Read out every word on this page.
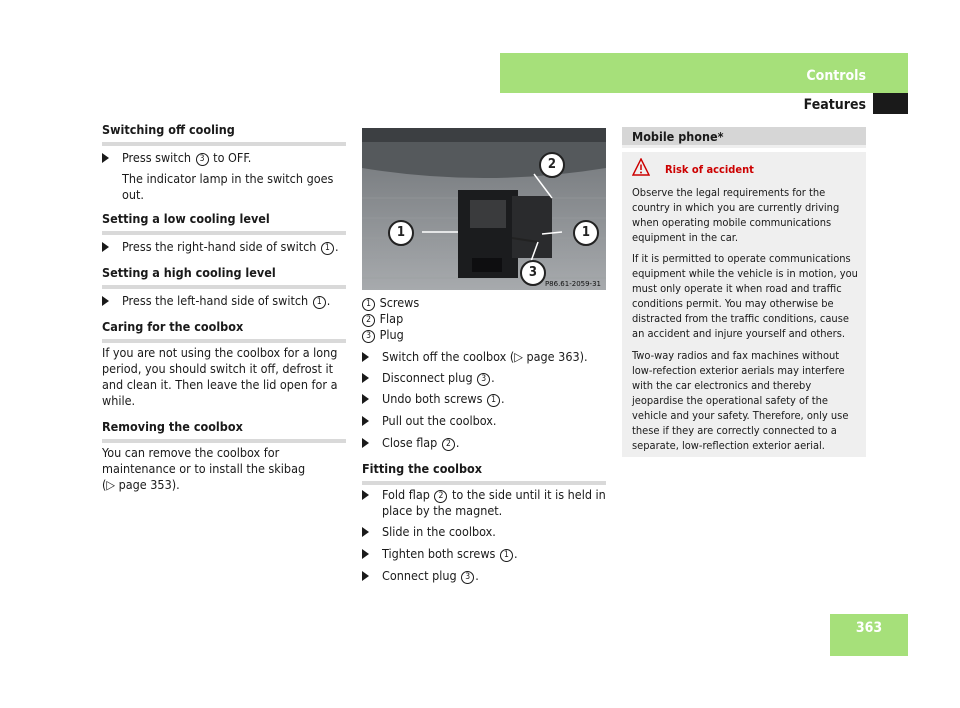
Controls
Features
Switching off cooling
Press switch 3 to OFF.
The indicator lamp in the switch goes out.
Setting a low cooling level
Press the right-hand side of switch 1 .
Setting a high cooling level
Press the left-hand side of switch 1 .
Caring for the coolbox
If you are not using the coolbox for a long period, you should switch it off, defrost it and clean it. Then leave the lid open for a while.
Removing the coolbox
You can remove the coolbox for maintenance or to install the skibag
(▷ page 353).
P86.61-2059-31
2
1	1
3
1 Screws
2 Flap
3 Plug
Switch off the coolbox (▷ page 363).
Disconnect plug 3 .
Undo both screws 1 .
Pull out the coolbox.
Close flap 2 .
Fitting the coolbox
Fold flap 2 to the side until it is held in place by the magnet.
Slide in the coolbox.
Tighten both screws 1 .
Connect plug 3 .
Mobile phone*
Risk of accident
Observe the legal requirements for the country in which you are currently driving when operating mobile communications equipment in the car.
If it is permitted to operate communications equipment while the vehicle is in motion, you must only operate it when road and traffic conditions permit. You may otherwise be distracted from the traffic conditions, cause an accident and injure yourself and others.
Two-way radios and fax machines without low-refection exterior aerials may interfere with the car electronics and thereby jeopardise the operational safety of the vehicle and your safety. Therefore, only use these if they are correctly connected to a separate, low-reflection exterior aerial.
363
